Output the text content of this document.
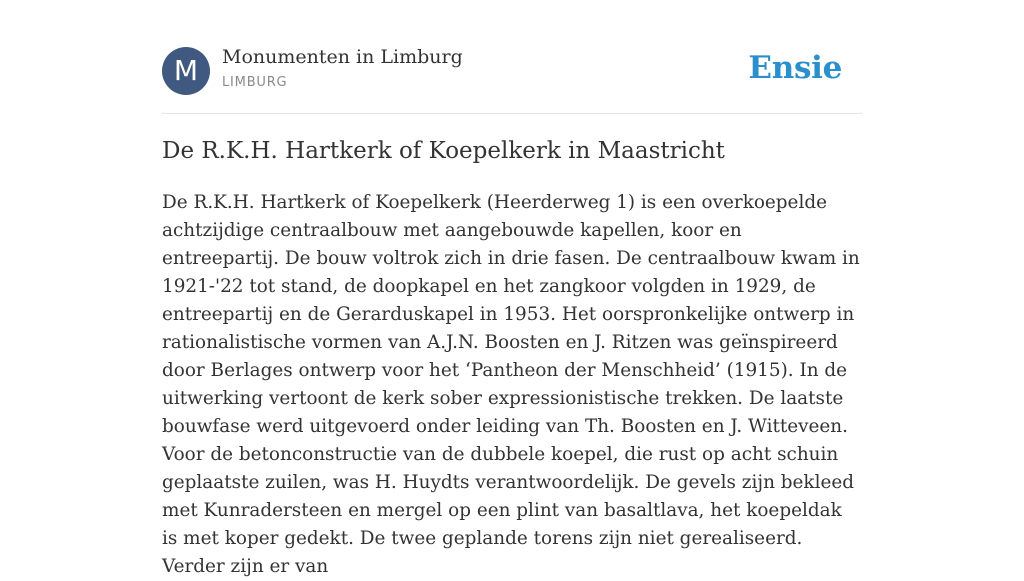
M	Monumenten in Limburg
LIMBURG	Ensie
De R.K.H. Hartkerk of Koepelkerk in Maastricht

De R.K.H. Hartkerk of Koepelkerk (Heerderweg 1) is een overkoepelde achtzijdige centraalbouw met aangebouwde kapellen, koor en entreepartij. De bouw voltrok zich in drie fasen. De centraalbouw kwam in 1921-'22 tot stand, de doopkapel en het zangkoor volgden in 1929, de entreepartij en de Gerarduskapel in 1953. Het oorspronkelijke ontwerp in rationalistische vormen van A.J.N. Boosten en J. Ritzen was geïnspireerd door Berlages ontwerp voor het ‘Pantheon der Menschheid’ (1915). In de uitwerking vertoont de kerk sober expressionistische trekken. De laatste bouwfase werd uitgevoerd onder leiding van Th. Boosten en J. Witteveen. Voor de betonconstructie van de dubbele koepel, die rust op acht schuin geplaatste zuilen, was H. Huydts verantwoordelijk. De gevels zijn bekleed met Kunradersteen en mergel op een plint van basaltlava, het koepeldak is met koper gedekt. De twee geplande torens zijn niet gerealiseerd. Verder zijn er van
